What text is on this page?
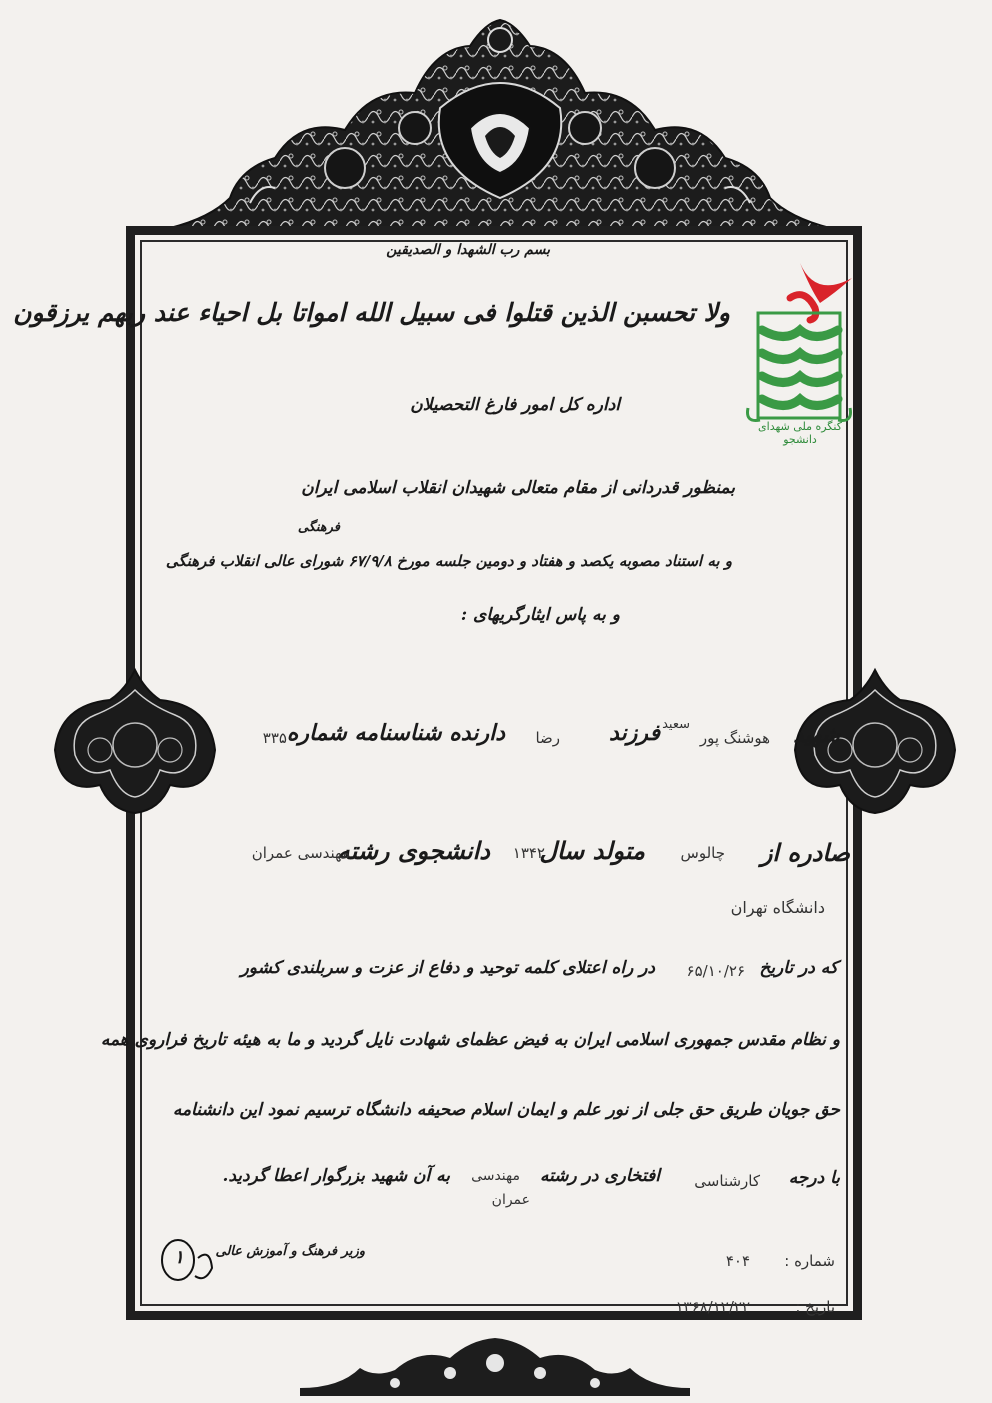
کنگره ملی شهدای دانشجو
بسم رب الشهدا و الصدیقین
ولا تحسبن الذین قتلوا فی سبیل الله امواتا بل احیاء عند ربهم یرزقون
اداره کل امور فارغ التحصیلان
بمنظور قدردانی از مقام متعالی شهیدان انقلاب اسلامی ایران
و به استناد مصوبه یکصد و هفتاد و دومین جلسه مورخ ۶۷/۹/۸ شورای عالی انقلاب فرهنگی
فرهنگی
و به پاس ایثارگریهای :
شهید
سعید
هوشنگ پور
فرزند
رضا
دارنده شناسنامه شماره
۳۳۵۰
صادره از
چالوس
متولد سال
۱۳۴۲
دانشجوی رشته
مهندسی عمران
دانشگاه تهران
که در تاریخ
۶۵/۱۰/۲۶
در راه اعتلای کلمه توحید و دفاع از عزت و سربلندی کشور
و نظام مقدس جمهوری اسلامی ایران به فیض عظمای شهادت نایل گردید و ما به هیئه تاریخ فراروی همه
حق جویان طریق حق جلی از نور علم و ایمان اسلام صحیفه دانشگاه ترسیم نمود این دانشنامه
با درجه
کارشناسی
افتخاری در رشته
مهندسی
عمران
به آن شهید بزرگوار اعطا گردید.
شماره :
۴۰۴
تاریخ :
۱۳۶۸/۱۲/۲۲
وزیر فرهنگ و آموزش عالی
۱
